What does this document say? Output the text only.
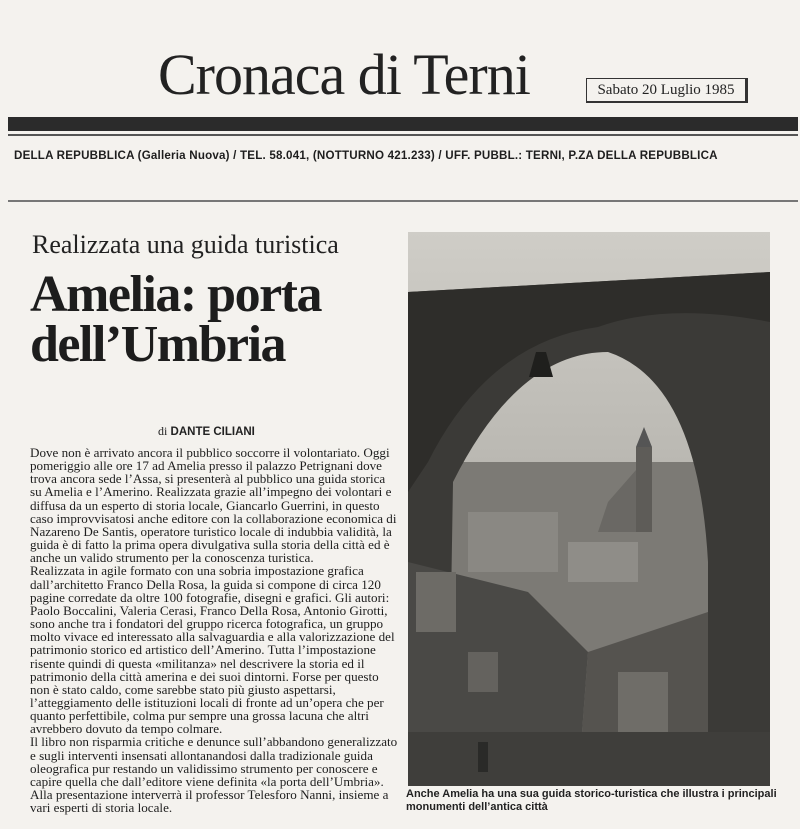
Cronaca di Terni	Sabato 20 Luglio 1985
DELLA REPUBBLICA (Galleria Nuova) / TEL. 58.041, (NOTTURNO 421.233) / UFF. PUBBL.: TERNI, P.ZA DELLA REPUBBLICA
Realizzata una guida turistica
Amelia: porta
dell’Umbria
di DANTE CILIANI

Dove non è arrivato ancora il pubblico soccorre il volontariato. Oggi pomeriggio alle ore 17 ad Amelia presso il palazzo Petrignani dove trova ancora sede l’Assa, si presenterà al pubblico una guida storica su Amelia e l’Amerino. Realizzata grazie all’impegno dei volontari e diffusa da un esperto di storia locale, Giancarlo Guerrini, in questo caso improvvisatosi anche editore con la collaborazione economica di Nazareno De Santis, operatore turistico locale di indubbia validità, la guida è di fatto la prima opera divulgativa sulla storia della città ed è anche un valido strumento per la conoscenza turistica.

Realizzata in agile formato con una sobria impostazione grafica dall’architetto Franco Della Rosa, la guida si compone di circa 120 pagine corredate da oltre 100 fotografie, disegni e grafici. Gli autori: Paolo Boccalini, Valeria Cerasi, Franco Della Rosa, Antonio Girotti, sono anche tra i fondatori del gruppo ricerca fotografica, un gruppo molto vivace ed interessato alla salvaguardia e alla valorizzazione del patrimonio storico ed artistico dell’Amerino. Tutta l’impostazione risente quindi di questa «militanza» nel descrivere la storia ed il patrimonio della città amerina e dei suoi dintorni. Forse per questo non è stato caldo, come sarebbe stato più giusto aspettarsi, l’atteggiamento delle istituzioni locali di fronte ad un’opera che per quanto perfettibile, colma pur sempre una grossa lacuna che altri avrebbero dovuto da tempo colmare.

Il libro non risparmia critiche e denunce sull’abbandono generalizzato e sugli interventi insensati allontanandosi dalla tradizionale guida oleografica pur restando un validissimo strumento per conoscere e capire quella che dall’editore viene definita «la porta dell’Umbria». Alla presentazione interverrà il professor Telesforo Nanni, insieme a vari esperti di storia locale.

Anche Amelia ha una sua guida storico-turistica che illustra i principali monumenti dell’antica città
